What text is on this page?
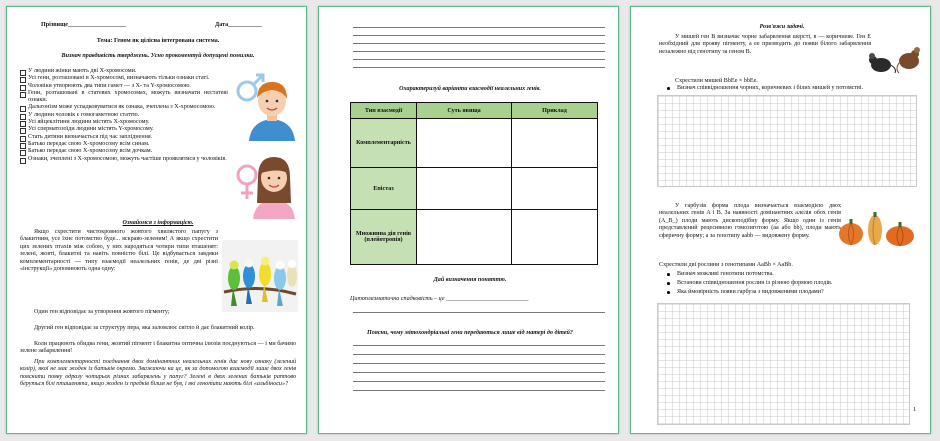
Прізвище___________________	Дата___________
Тема: Геном як цілісна інтегрована система.
Визнач правдивість тверджень. Усно прокоментуй допущені помилки.
У людини жінки мають дві X-хромосоми.
Усі гени, розташовані в X-хромосомі, визначають тільки ознаки статі.
Чоловіки утворюють два типи гамет — з X- та Y-хромосомою.
Гени, розташовані в статевих хромосомах, можуть визначати нестатеві ознаки.
Дальтонізм може успадковуватися як ознака, зчеплена з X-хромосомою.
У людини чоловік є гомогаметною статтю.
Усі яйцеклітини людини містять X-хромосому.
Усі сперматозоїди людини містять Y-хромосому.
Стать дитини визначається під час запліднення.
Батько передає свою X-хромосому всім синам.
Батько передає свою X-хромосому всім дочкам.
Ознаки, зчеплені з X-хромосомою, можуть частіше проявлятися у чоловіків.
Ознайомся з інформацією.
Якщо схрестити чистокровного жовтого хвилястого папугу з блакитним, усе їхнє потомство буде... яскраво-зеленим! А якщо схрестити цих зелених птахів між собою, у них народяться чотири типи пташенят: зелені, жовті, блакитні та навіть повністю білі. Це відбувається завдяки комплементарності — типу взаємодії неалельних генів, де дві різні «інструкції» доповнюють одна одну:
Один ген відповідає за утворення жовтого пігменту;
Другий ген відповідає за структуру пера, яка заломлює світло й дає блакитний колір.
Коли працюють обидва гени, жовтий пігмент і блакитна оптична ілюзія поєднуються — і ми бачимо зелене забарвлення!
При комплементарності поєднання двох домінантних неалельних генів дає нову ознаку (зелений колір), якої не має жоден із батьків окремо. Зважаючи на це, як за допомогою взаємодії лише двох генів пояснити появу одразу чотирьох різних забарвлень у папуг? Зелені в двох зелених батьків раптово беруться білі пташенята, якщо жоден із предків білим не був, і які генотипи мають білі «альбіноси»?
Охарактеризуй варіанти взаємодії неалельних генів.
Тип взаємодії	Суть явища	Приклад
Комплементарність		
Епістаз		
Множинна дія генів (плейотропія)		
Дай визначення поняттю.
Цитоплазматична спадковість – це ___________________________
Поясни, чому мітохондріальні гени передаються лише від матері до дітей?
Розв'яжи задачі.
У мишей ген B визначає чорне забарвлення шерсті, в — коричневе. Ген E необхідний для прояву пігменту, а ее призводить до появи білого забарвлення незалежно від генотипу за геном B.
Схрестили мишей BbEe × bbEe.
Визнач співвідношення чорних, коричневих і білих мишей у потомстві.
У гарбузів форма плода визначається взаємодією двох неалельних генів A і B. За наявності домінантних алелів обох генів (A_B_) плоди мають дископодібну форму. Якщо один із генів представлений рецесивною гомозиготою (аа або bb), плоди мають сферичну форму; а за генотипу aabb — видовжену форму.
Схрестили дві рослини з генотипами AaBb × AaBb.
Визнач можливі генотипи потомства.
Встанови співвідношення рослин із різною формою плодів.
Яка ймовірність появи гарбуза з видовженими плодами?
1
